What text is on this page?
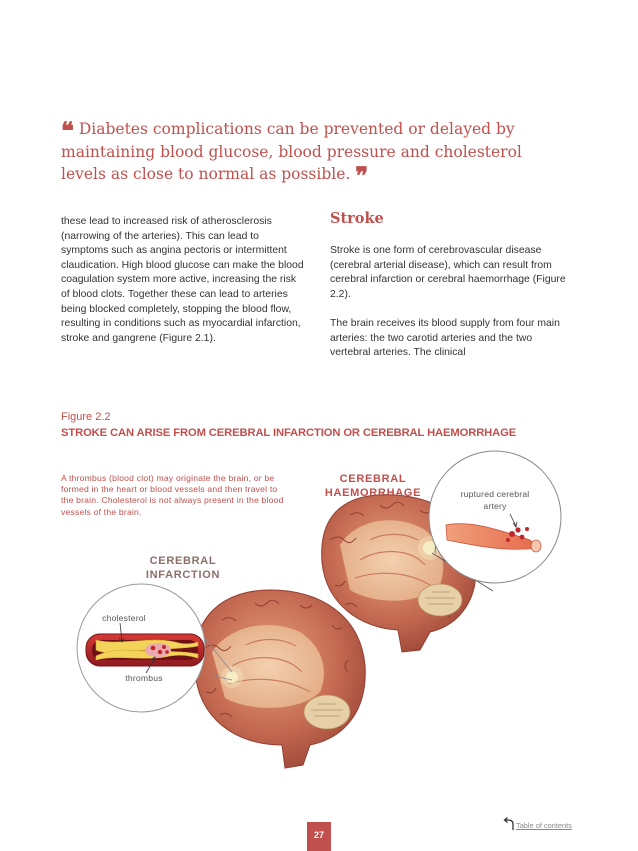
❝ Diabetes complications can be prevented or delayed by maintaining blood glucose, blood pressure and cholesterol levels as close to normal as possible. ❞

these lead to increased risk of atherosclerosis (narrowing of the arteries). This can lead to symptoms such as angina pectoris or intermittent claudication. High blood glucose can make the blood coagulation system more active, increasing the risk of blood clots. Together these can lead to arteries being blocked completely, stopping the blood flow, resulting in conditions such as myocardial infarction, stroke and gangrene (Figure 2.1).

Stroke

Stroke is one form of cerebrovascular disease (cerebral arterial disease), which can result from cerebral infarction or cerebral haemorrhage (Figure 2.2).

The brain receives its blood supply from four main arteries: the two carotid arteries and the two vertebral arteries. The clinical

Figure 2.2
STROKE CAN ARISE FROM CEREBRAL INFARCTION OR CEREBRAL HAEMORRHAGE
A thrombus (blood clot) may originate the brain, or be formed in the heart or blood vessels and then travel to the brain. Cholesterol is not always present in the blood vessels of the brain.
CEREBRAL INFARCTION
CEREBRAL HAEMORRHAGE
cholesterol
thrombus
ruptured cerebral artery
27
Table of contents
